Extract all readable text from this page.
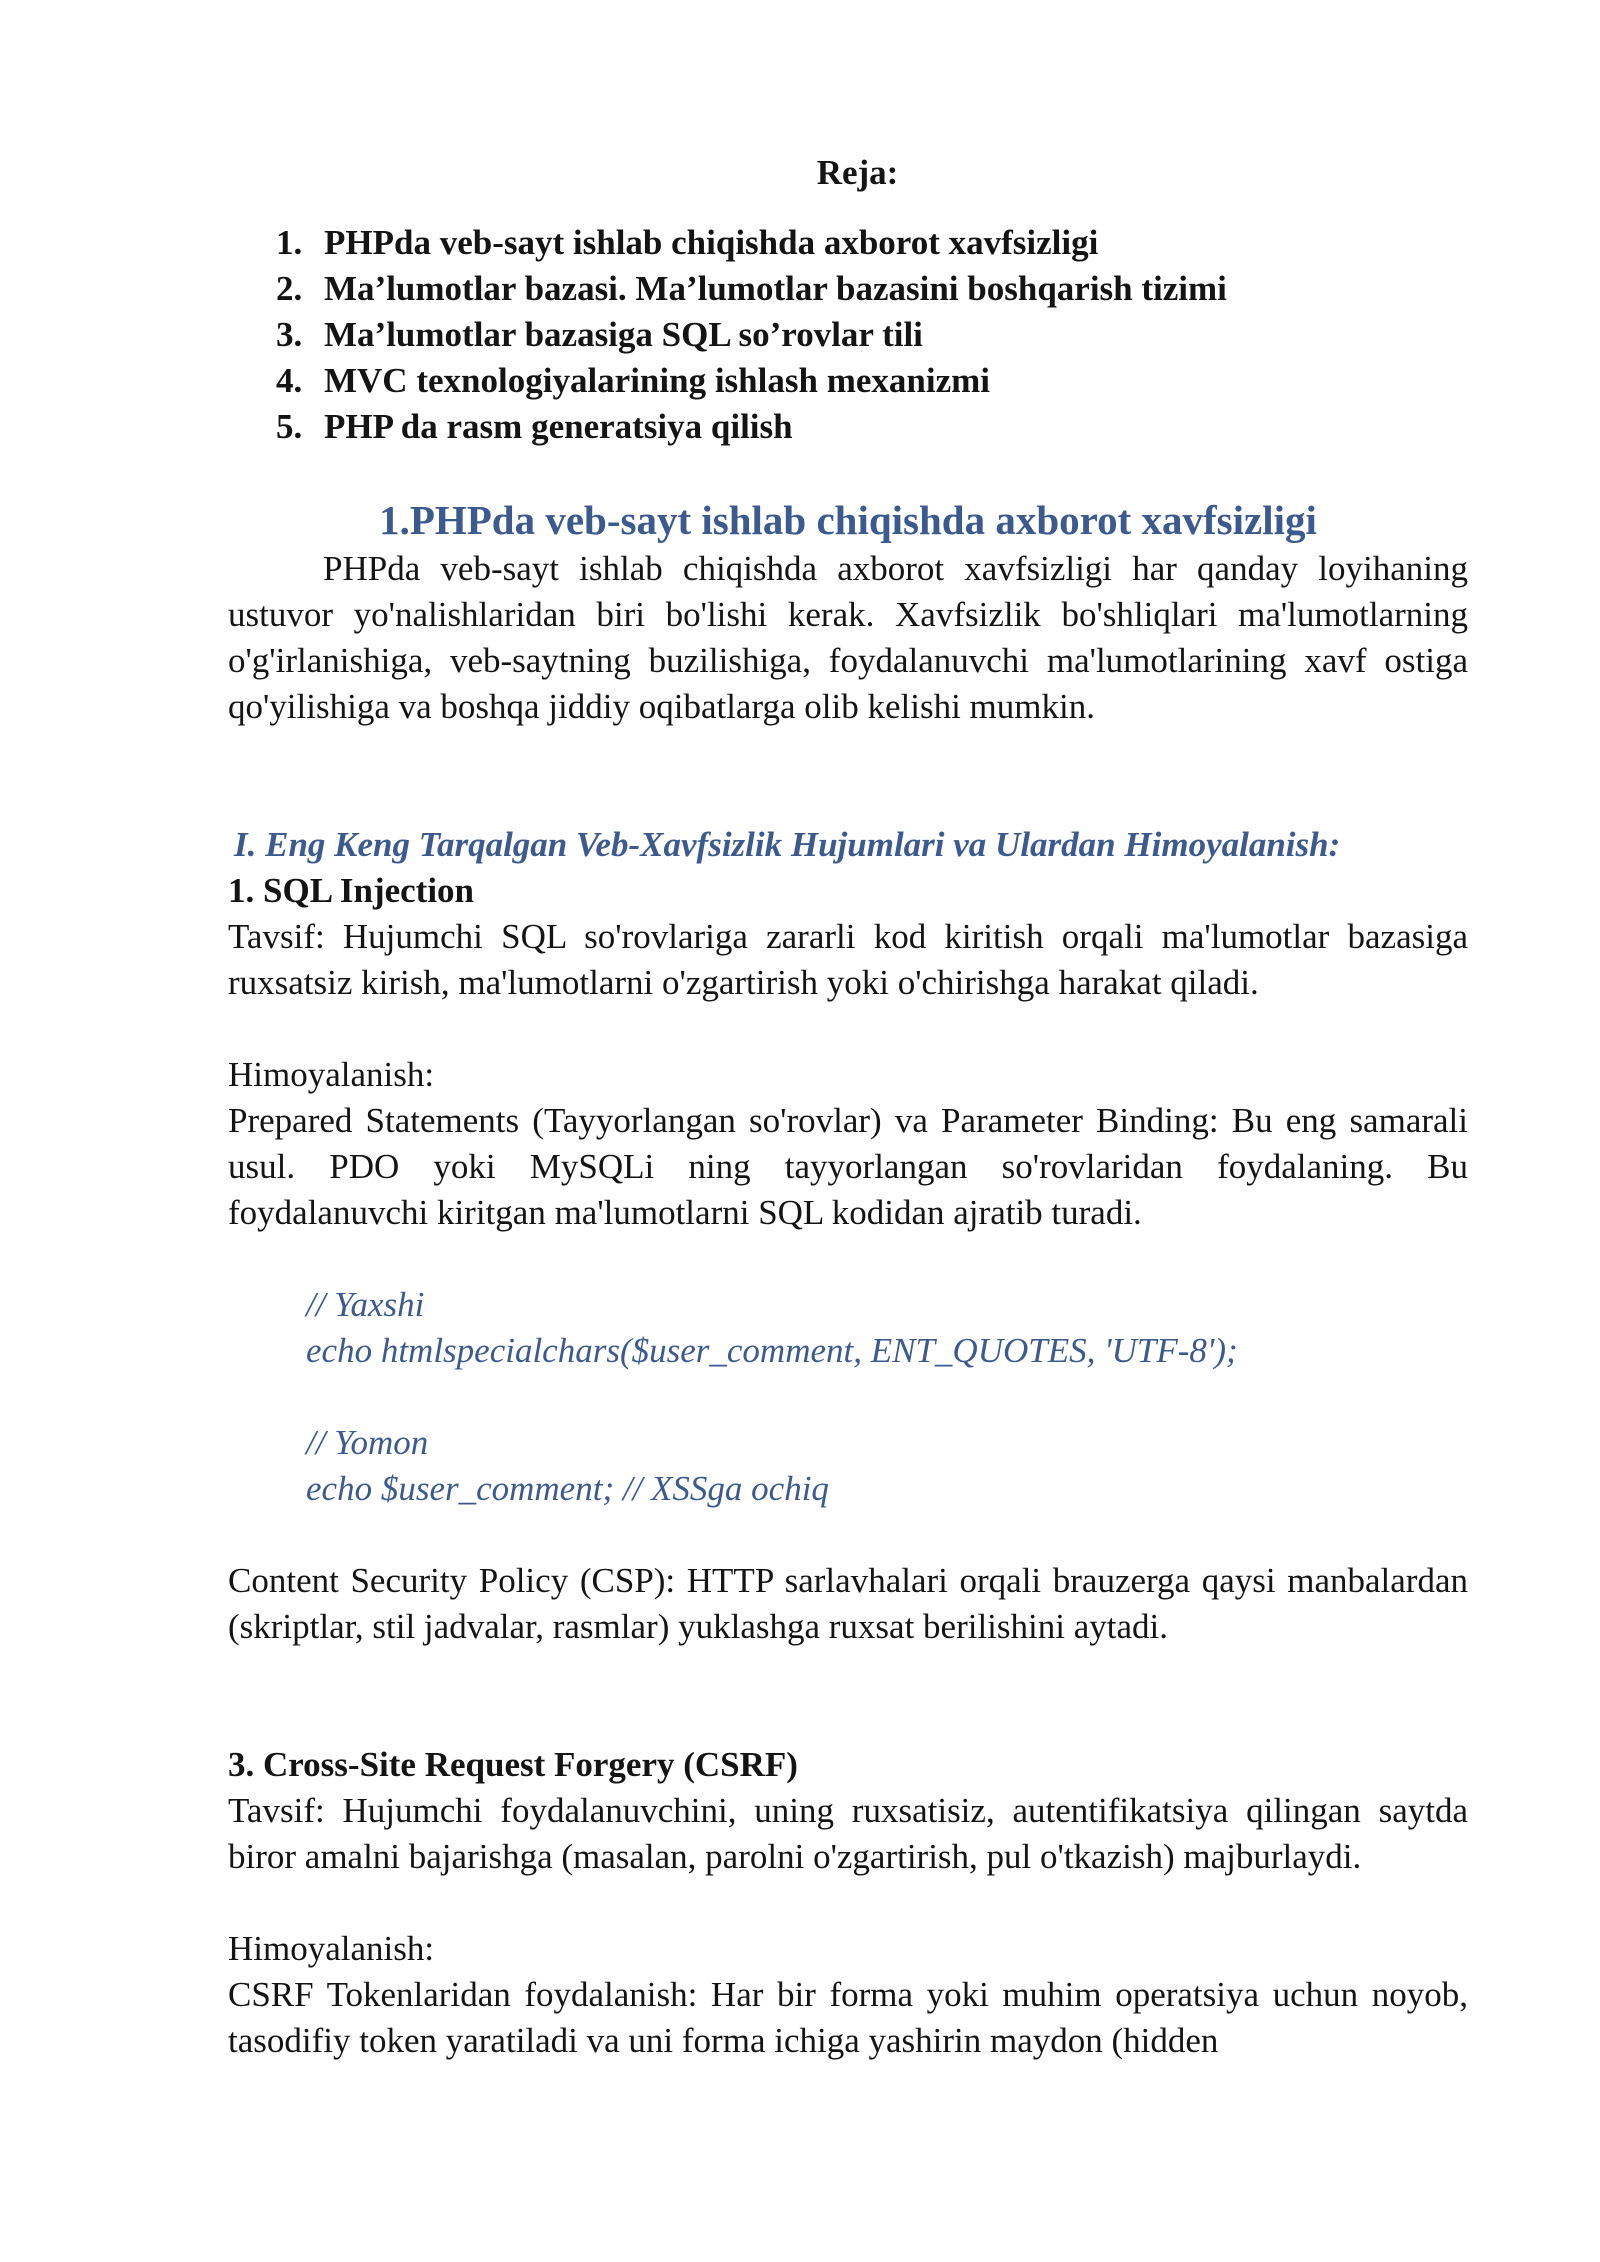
Reja:

1. PHPda veb-sayt ishlab chiqishda axborot xavfsizligi
2. Ma’lumotlar bazasi. Ma’lumotlar bazasini boshqarish tizimi
3. Ma’lumotlar bazasiga SQL so’rovlar tili
4. MVC texnologiyalarining ishlash mexanizmi
5. PHP da rasm generatsiya qilish
1.PHPda veb-sayt ishlab chiqishda axborot xavfsizligi

PHPda veb-sayt ishlab chiqishda axborot xavfsizligi har qanday loyihaning ustuvor yo'nalishlaridan biri bo'lishi kerak. Xavfsizlik bo'shliqlari ma'lumotlarning o'g'irlanishiga, veb-saytning buzilishiga, foydalanuvchi ma'lumotlarining xavf ostiga qo'yilishiga va boshqa jiddiy oqibatlarga olib kelishi mumkin.

I. Eng Keng Tarqalgan Veb-Xavfsizlik Hujumlari va Ulardan Himoyalanish:
1. SQL Injection

Tavsif: Hujumchi SQL so'rovlariga zararli kod kiritish orqali ma'lumotlar bazasiga ruxsatsiz kirish, ma'lumotlarni o'zgartirish yoki o'chirishga harakat qiladi.

Himoyalanish:

Prepared Statements (Tayyorlangan so'rovlar) va Parameter Binding: Bu eng samarali usul. PDO yoki MySQLi ning tayyorlangan so'rovlaridan foydalaning. Bu foydalanuvchi kiritgan ma'lumotlarni SQL kodidan ajratib turadi.

// Yaxshi

echo htmlspecialchars($user_comment, ENT_QUOTES, 'UTF-8');

// Yomon

echo $user_comment; // XSSga ochiq

Content Security Policy (CSP): HTTP sarlavhalari orqali brauzerga qaysi manbalardan (skriptlar, stil jadvalar, rasmlar) yuklashga ruxsat berilishini aytadi.

3. Cross-Site Request Forgery (CSRF)

Tavsif: Hujumchi foydalanuvchini, uning ruxsatisiz, autentifikatsiya qilingan saytda biror amalni bajarishga (masalan, parolni o'zgartirish, pul o'tkazish) majburlaydi.

Himoyalanish:

CSRF Tokenlaridan foydalanish: Har bir forma yoki muhim operatsiya uchun noyob, tasodifiy token yaratiladi va uni forma ichiga yashirin maydon (hidden
